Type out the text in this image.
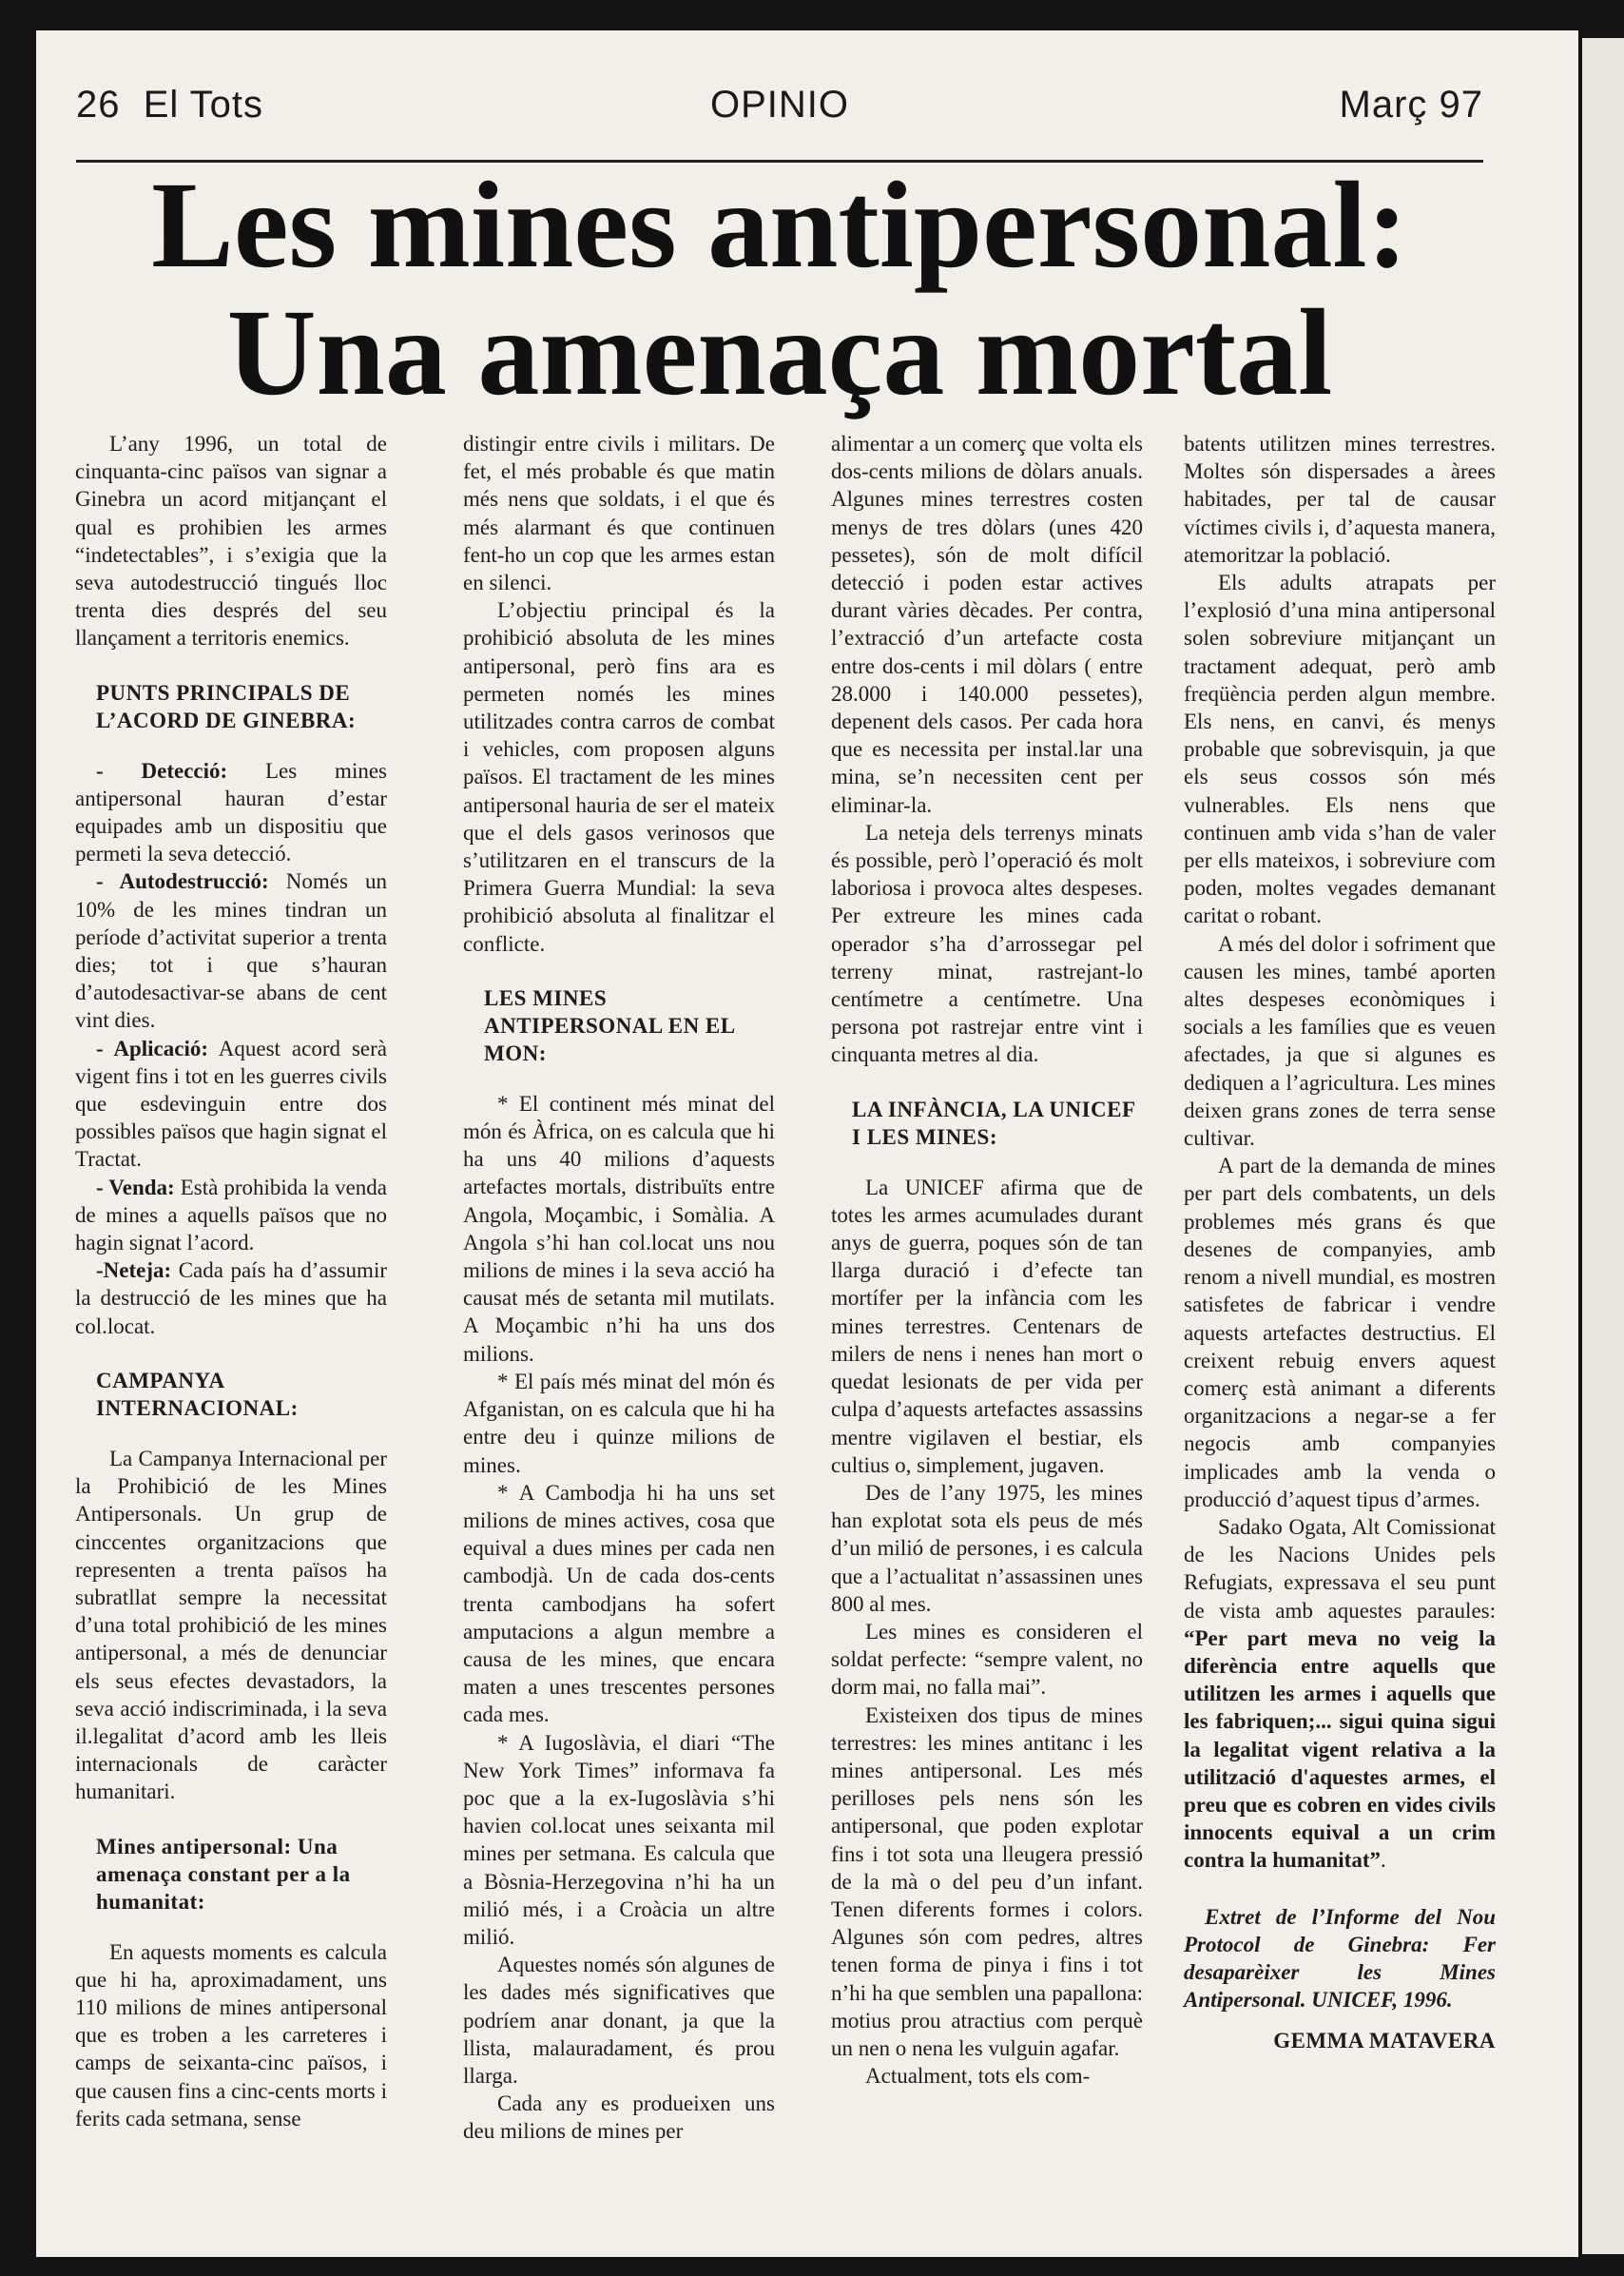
OPINIO
26  El Tots	Març 97
Les mines antipersonal:
Una amenaça mortal

L’any 1996, un total de cinquanta-cinc països van signar a Ginebra un acord mitjançant el qual es prohibien les armes “indetectables”, i s’exigia que la seva autodestrucció tingués lloc trenta dies després del seu llançament a territoris enemics.

PUNTS PRINCIPALS DE L’ACORD DE GINEBRA:

- Detecció: Les mines antipersonal hauran d’estar equipades amb un dispositiu que permeti la seva detecció.

- Autodestrucció: Només un 10% de les mines tindran un període d’activitat superior a trenta dies; tot i que s’hauran d’autodesactivar-se abans de cent vint dies.

- Aplicació: Aquest acord serà vigent fins i tot en les guerres civils que esdevinguin entre dos possibles països que hagin signat el Tractat.

- Venda: Està prohibida la venda de mines a aquells països que no hagin signat l’acord.

-Neteja: Cada país ha d’assumir la destrucció de les mines que ha col.locat.

CAMPANYA INTERNACIONAL:

La Campanya Internacional per la Prohibició de les Mines Antipersonals. Un grup de cinccentes organitzacions que representen a trenta països ha subratllat sempre la necessitat d’una total prohibició de les mines antipersonal, a més de denunciar els seus efectes devastadors, la seva acció indiscriminada, i la seva il.legalitat d’acord amb les lleis internacionals de caràcter humanitari.

Mines antipersonal: Una amenaça constant per a la humanitat:

En aquests moments es calcula que hi ha, aproximadament, uns 110 milions de mines antipersonal que es troben a les carreteres i camps de seixanta-cinc països, i que causen fins a cinc-cents morts i ferits cada setmana, sense

distingir entre civils i militars. De fet, el més probable és que matin més nens que soldats, i el que és més alarmant és que continuen fent-ho un cop que les armes estan en silenci.

L’objectiu principal és la prohibició absoluta de les mines antipersonal, però fins ara es permeten només les mines utilitzades contra carros de combat i vehicles, com proposen alguns països. El tractament de les mines antipersonal hauria de ser el mateix que el dels gasos verinosos que s’utilitzaren en el transcurs de la Primera Guerra Mundial: la seva prohibició absoluta al finalitzar el conflicte.

LES MINES ANTIPERSONAL EN EL MON:

* El continent més minat del món és Àfrica, on es calcula que hi ha uns 40 milions d’aquests artefactes mortals, distribuïts entre Angola, Moçambic, i Somàlia. A Angola s’hi han col.locat uns nou milions de mines i la seva acció ha causat més de setanta mil mutilats. A Moçambic n’hi ha uns dos milions.

* El país més minat del món és Afganistan, on es calcula que hi ha entre deu i quinze milions de mines.

* A Cambodja hi ha uns set milions de mines actives, cosa que equival a dues mines per cada nen cambodjà. Un de cada dos-cents trenta cambodjans ha sofert amputacions a algun membre a causa de les mines, que encara maten a unes trescentes persones cada mes.

* A Iugoslàvia, el diari “The New York Times” informava fa poc que a la ex-Iugoslàvia s’hi havien col.locat unes seixanta mil mines per setmana. Es calcula que a Bòsnia-Herzegovina n’hi ha un milió més, i a Croàcia un altre milió.

Aquestes només són algunes de les dades més significatives que podríem anar donant, ja que la llista, malauradament, és prou llarga.

Cada any es produeixen uns deu milions de mines per

alimentar a un comerç que volta els dos-cents milions de dòlars anuals. Algunes mines terrestres costen menys de tres dòlars (unes 420 pessetes), són de molt difícil detecció i poden estar actives durant vàries dècades. Per contra, l’extracció d’un artefacte costa entre dos-cents i mil dòlars ( entre 28.000 i 140.000 pessetes), depenent dels casos. Per cada hora que es necessita per instal.lar una mina, se’n necessiten cent per eliminar-la.

La neteja dels terrenys minats és possible, però l’operació és molt laboriosa i provoca altes despeses. Per extreure les mines cada operador s’ha d’arrossegar pel terreny minat, rastrejant-lo centímetre a centímetre. Una persona pot rastrejar entre vint i cinquanta metres al dia.

LA INFÀNCIA, LA UNICEF I LES MINES:

La UNICEF afirma que de totes les armes acumulades durant anys de guerra, poques són de tan llarga duració i d’efecte tan mortífer per la infància com les mines terrestres. Centenars de milers de nens i nenes han mort o quedat lesionats de per vida per culpa d’aquests artefactes assassins mentre vigilaven el bestiar, els cultius o, simplement, jugaven.

Des de l’any 1975, les mines han explotat sota els peus de més d’un milió de persones, i es calcula que a l’actualitat n’assassinen unes 800 al mes.

Les mines es consideren el soldat perfecte: “sempre valent, no dorm mai, no falla mai”.

Existeixen dos tipus de mines terrestres: les mines antitanc i les mines antipersonal. Les més perilloses pels nens són les antipersonal, que poden explotar fins i tot sota una lleugera pressió de la mà o del peu d’un infant. Tenen diferents formes i colors. Algunes són com pedres, altres tenen forma de pinya i fins i tot n’hi ha que semblen una papallona: motius prou atractius com perquè un nen o nena les vulguin agafar.

Actualment, tots els com-

batents utilitzen mines terrestres. Moltes són dispersades a àrees habitades, per tal de causar víctimes civils i, d’aquesta manera, atemoritzar la població.

Els adults atrapats per l’explosió d’una mina antipersonal solen sobreviure mitjançant un tractament adequat, però amb freqüència perden algun membre. Els nens, en canvi, és menys probable que sobrevisquin, ja que els seus cossos són més vulnerables. Els nens que continuen amb vida s’han de valer per ells mateixos, i sobreviure com poden, moltes vegades demanant caritat o robant.

A més del dolor i sofriment que causen les mines, també aporten altes despeses econòmiques i socials a les famílies que es veuen afectades, ja que si algunes es dediquen a l’agricultura. Les mines deixen grans zones de terra sense cultivar.

A part de la demanda de mines per part dels combatents, un dels problemes més grans és que desenes de companyies, amb renom a nivell mundial, es mostren satisfetes de fabricar i vendre aquests artefactes destructius. El creixent rebuig envers aquest comerç està animant a diferents organitzacions a negar-se a fer negocis amb companyies implicades amb la venda o producció d’aquest tipus d’armes.

Sadako Ogata, Alt Comissionat de les Nacions Unides pels Refugiats, expressava el seu punt de vista amb aquestes paraules: “Per part meva no veig la diferència entre aquells que utilitzen les armes i aquells que les fabriquen;... sigui quina sigui la legalitat vigent relativa a la utilització d'aquestes armes, el preu que es cobren en vides civils innocents equival a un crim contra la humanitat”.

Extret de l’Informe del Nou Protocol de Ginebra: Fer desaparèixer les Mines Antipersonal. UNICEF, 1996.

GEMMA MATAVERA
